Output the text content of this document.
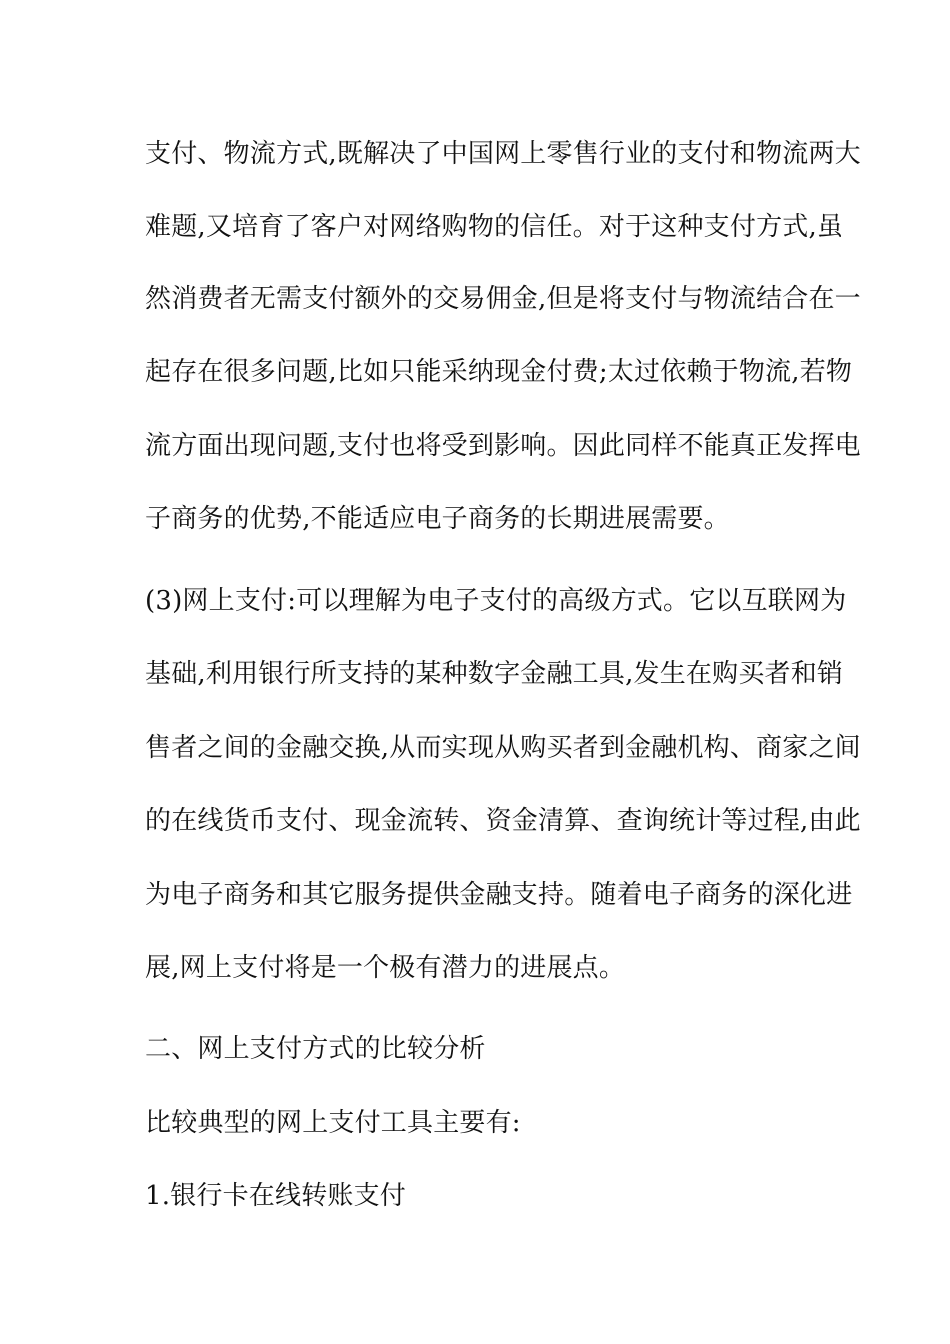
支付、物流方式,既解决了中国网上零售行业的支付和物流两大
难题,又培育了客户对网络购物的信任。对于这种支付方式,虽
然消费者无需支付额外的交易佣金,但是将支付与物流结合在一
起存在很多问题,比如只能采纳现金付费;太过依赖于物流,若物
流方面出现问题,支付也将受到影响。因此同样不能真正发挥电
子商务的优势,不能适应电子商务的长期进展需要。
(3)网上支付:可以理解为电子支付的高级方式。它以互联网为
基础,利用银行所支持的某种数字金融工具,发生在购买者和销
售者之间的金融交换,从而实现从购买者到金融机构、商家之间
的在线货币支付、现金流转、资金清算、查询统计等过程,由此
为电子商务和其它服务提供金融支持。随着电子商务的深化进
展,网上支付将是一个极有潜力的进展点。
二、网上支付方式的比较分析
比较典型的网上支付工具主要有:
1.银行卡在线转账支付
